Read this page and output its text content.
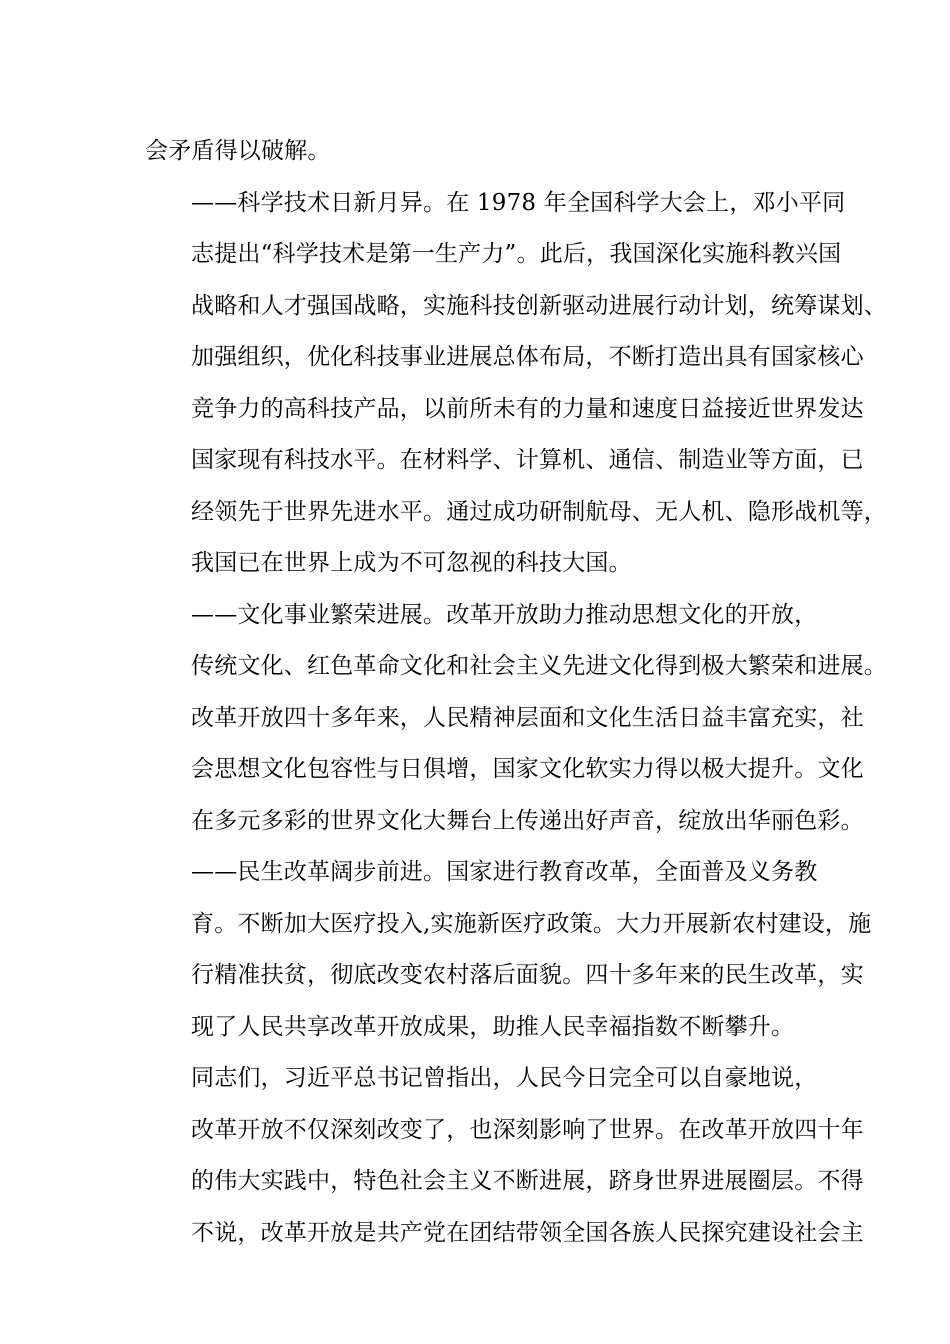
会矛盾得以破解。

——科学技术日新月异。在 1978 年全国科学大会上，邓小平同
志提出“科学技术是第一生产力”。此后，我国深化实施科教兴国
战略和人才强国战略，实施科技创新驱动进展行动计划，统筹谋划、
加强组织，优化科技事业进展总体布局，不断打造出具有国家核心
竞争力的高科技产品，以前所未有的力量和速度日益接近世界发达
国家现有科技水平。在材料学、计算机、通信、制造业等方面，已
经领先于世界先进水平。通过成功研制航母、无人机、隐形战机等，
我国已在世界上成为不可忽视的科技大国。

——文化事业繁荣进展。改革开放助力推动思想文化的开放，
传统文化、红色革命文化和社会主义先进文化得到极大繁荣和进展。
改革开放四十多年来，人民精神层面和文化生活日益丰富充实，社
会思想文化包容性与日俱增，国家文化软实力得以极大提升。文化
在多元多彩的世界文化大舞台上传递出好声音，绽放出华丽色彩。

——民生改革阔步前进。国家进行教育改革，全面普及义务教
育。不断加大医疗投入,实施新医疗政策。大力开展新农村建设，施
行精准扶贫，彻底改变农村落后面貌。四十多年来的民生改革，实
现了人民共享改革开放成果，助推人民幸福指数不断攀升。

同志们，习近平总书记曾指出，人民今日完全可以自豪地说，
改革开放不仅深刻改变了，也深刻影响了世界。在改革开放四十年
的伟大实践中，特色社会主义不断进展，跻身世界进展圈层。不得
不说，改革开放是共产党在团结带领全国各族人民探究建设社会主
